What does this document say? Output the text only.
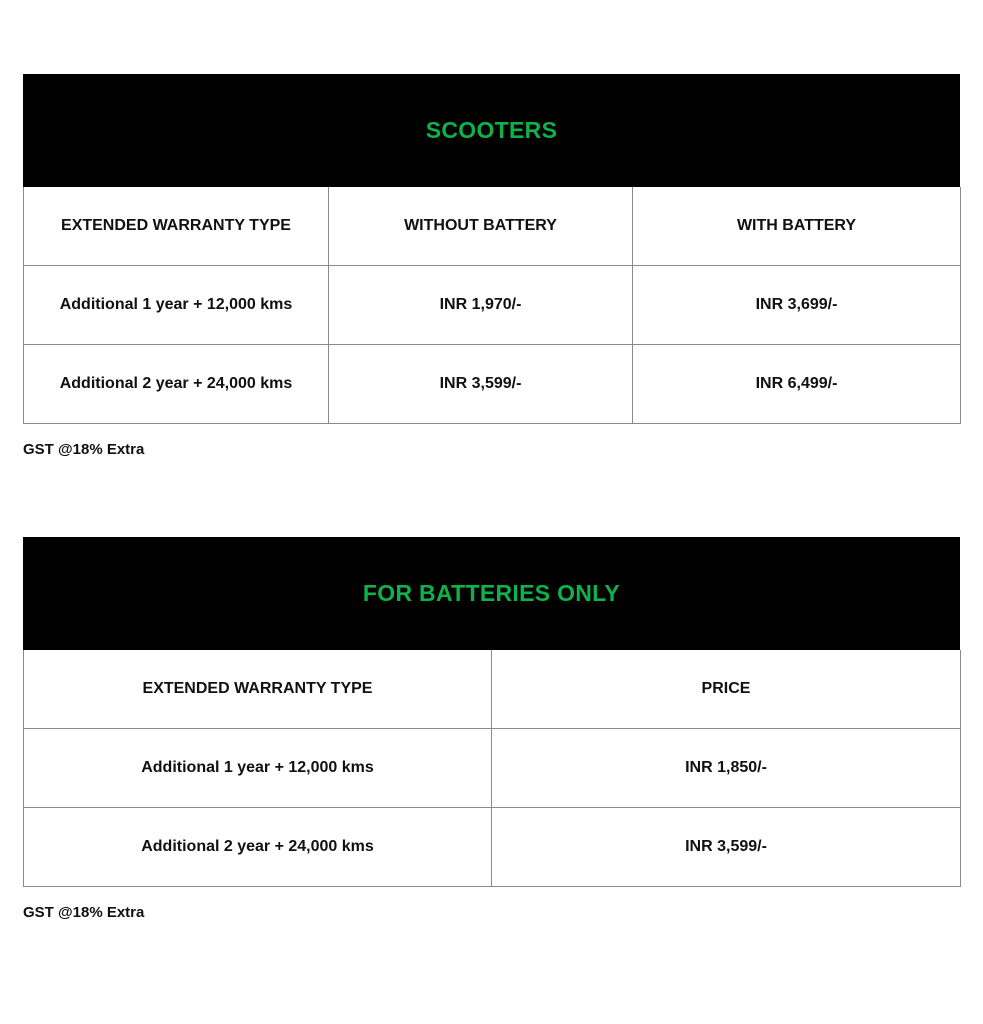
SCOOTERS
EXTENDED WARRANTY TYPE	WITHOUT BATTERY	WITH BATTERY
Additional 1 year + 12,000 kms	INR 1,970/-	INR 3,699/-
Additional 2 year + 24,000 kms	INR 3,599/-	INR 6,499/-
GST @18% Extra
FOR BATTERIES ONLY
EXTENDED WARRANTY TYPE	PRICE
Additional 1 year + 12,000 kms	INR 1,850/-
Additional 2 year + 24,000 kms	INR 3,599/-
GST @18% Extra
